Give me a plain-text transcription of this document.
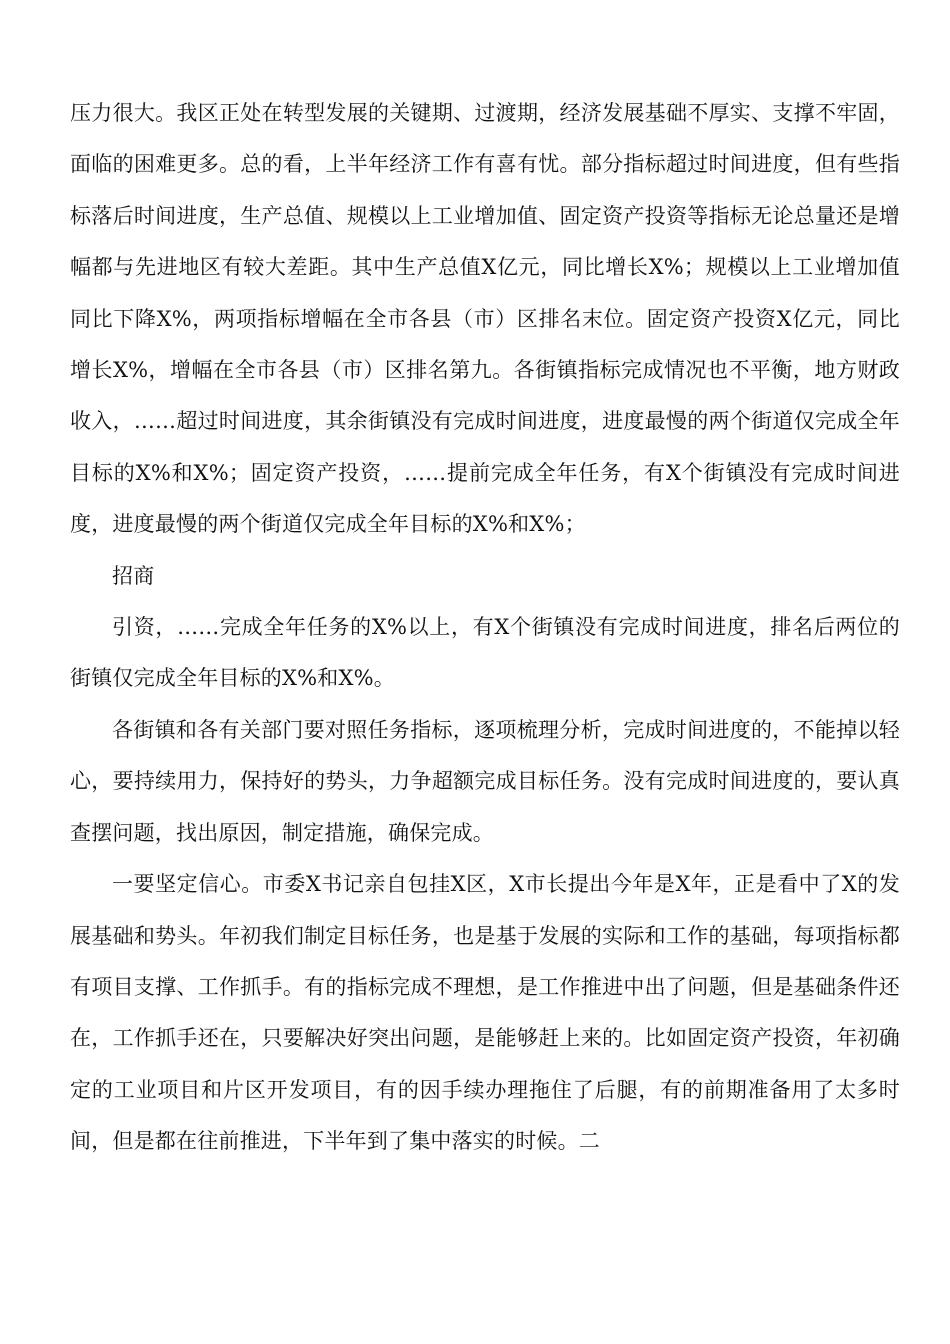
压力很大。我区正处在转型发展的关键期、过渡期，经济发展基础不厚实、支撑不牢固，面临的困难更多。总的看，上半年经济工作有喜有忧。部分指标超过时间进度，但有些指标落后时间进度，生产总值、规模以上工业增加值、固定资产投资等指标无论总量还是增幅都与先进地区有较大差距。其中生产总值X亿元，同比增长X%；规模以上工业增加值同比下降X%，两项指标增幅在全市各县（市）区排名末位。固定资产投资X亿元，同比增长X%，增幅在全市各县（市）区排名第九。各街镇指标完成情况也不平衡，地方财政收入，……超过时间进度，其余街镇没有完成时间进度，进度最慢的两个街道仅完成全年目标的X%和X%；固定资产投资，……提前完成全年任务，有X个街镇没有完成时间进度，进度最慢的两个街道仅完成全年目标的X%和X%；

招商

引资，……完成全年任务的X%以上，有X个街镇没有完成时间进度，排名后两位的街镇仅完成全年目标的X%和X%。

各街镇和各有关部门要对照任务指标，逐项梳理分析，完成时间进度的，不能掉以轻心，要持续用力，保持好的势头，力争超额完成目标任务。没有完成时间进度的，要认真查摆问题，找出原因，制定措施，确保完成。

一要坚定信心。市委X书记亲自包挂X区，X市长提出今年是X年，正是看中了X的发展基础和势头。年初我们制定目标任务，也是基于发展的实际和工作的基础，每项指标都有项目支撑、工作抓手。有的指标完成不理想，是工作推进中出了问题，但是基础条件还在，工作抓手还在，只要解决好突出问题，是能够赶上来的。比如固定资产投资，年初确定的工业项目和片区开发项目，有的因手续办理拖住了后腿，有的前期准备用了太多时间，但是都在往前推进，下半年到了集中落实的时候。二
